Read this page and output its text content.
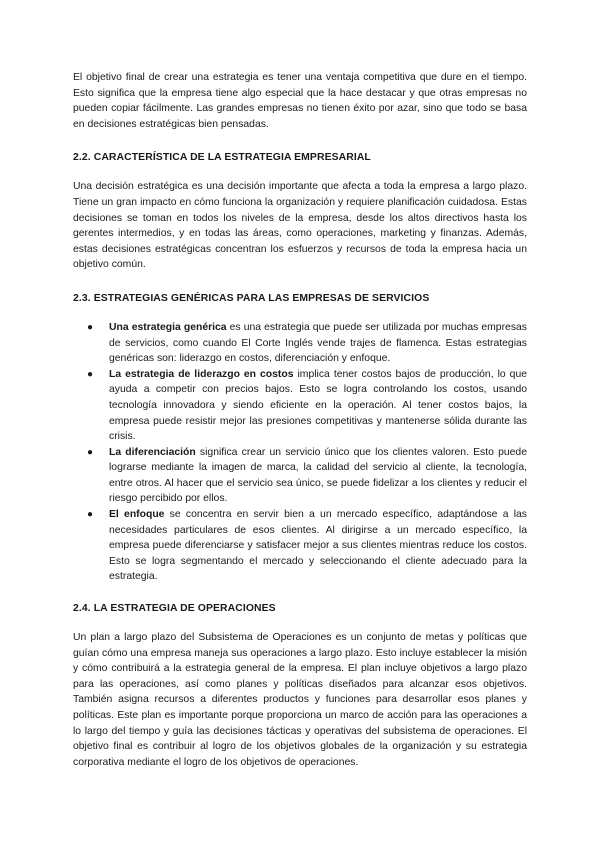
El objetivo final de crear una estrategia es tener una ventaja competitiva que dure en el tiempo. Esto significa que la empresa tiene algo especial que la hace destacar y que otras empresas no pueden copiar fácilmente. Las grandes empresas no tienen éxito por azar, sino que todo se basa en decisiones estratégicas bien pensadas.

2.2. CARACTERÍSTICA DE LA ESTRATEGIA EMPRESARIAL

Una decisión estratégica es una decisión importante que afecta a toda la empresa a largo plazo. Tiene un gran impacto en cómo funciona la organización y requiere planificación cuidadosa. Estas decisiones se toman en todos los niveles de la empresa, desde los altos directivos hasta los gerentes intermedios, y en todas las áreas, como operaciones, marketing y finanzas. Además, estas decisiones estratégicas concentran los esfuerzos y recursos de toda la empresa hacia un objetivo común.

2.3. ESTRATEGIAS GENÉRICAS PARA LAS EMPRESAS DE SERVICIOS
● Una estrategia genérica es una estrategia que puede ser utilizada por muchas empresas de servicios, como cuando El Corte Inglés vende trajes de flamenca. Estas estrategias genéricas son: liderazgo en costos, diferenciación y enfoque.
● La estrategia de liderazgo en costos implica tener costos bajos de producción, lo que ayuda a competir con precios bajos. Esto se logra controlando los costos, usando tecnología innovadora y siendo eficiente en la operación. Al tener costos bajos, la empresa puede resistir mejor las presiones competitivas y mantenerse sólida durante las crisis.
● La diferenciación significa crear un servicio único que los clientes valoren. Esto puede lograrse mediante la imagen de marca, la calidad del servicio al cliente, la tecnología, entre otros. Al hacer que el servicio sea único, se puede fidelizar a los clientes y reducir el riesgo percibido por ellos.
● El enfoque se concentra en servir bien a un mercado específico, adaptándose a las necesidades particulares de esos clientes. Al dirigirse a un mercado específico, la empresa puede diferenciarse y satisfacer mejor a sus clientes mientras reduce los costos. Esto se logra segmentando el mercado y seleccionando el cliente adecuado para la estrategia.
2.4. LA ESTRATEGIA DE OPERACIONES

Un plan a largo plazo del Subsistema de Operaciones es un conjunto de metas y políticas que guían cómo una empresa maneja sus operaciones a largo plazo. Esto incluye establecer la misión y cómo contribuirá a la estrategia general de la empresa. El plan incluye objetivos a largo plazo para las operaciones, así como planes y políticas diseñados para alcanzar esos objetivos. También asigna recursos a diferentes productos y funciones para desarrollar esos planes y políticas. Este plan es importante porque proporciona un marco de acción para las operaciones a lo largo del tiempo y guía las decisiones tácticas y operativas del subsistema de operaciones. El objetivo final es contribuir al logro de los objetivos globales de la organización y su estrategia corporativa mediante el logro de los objetivos de operaciones.
